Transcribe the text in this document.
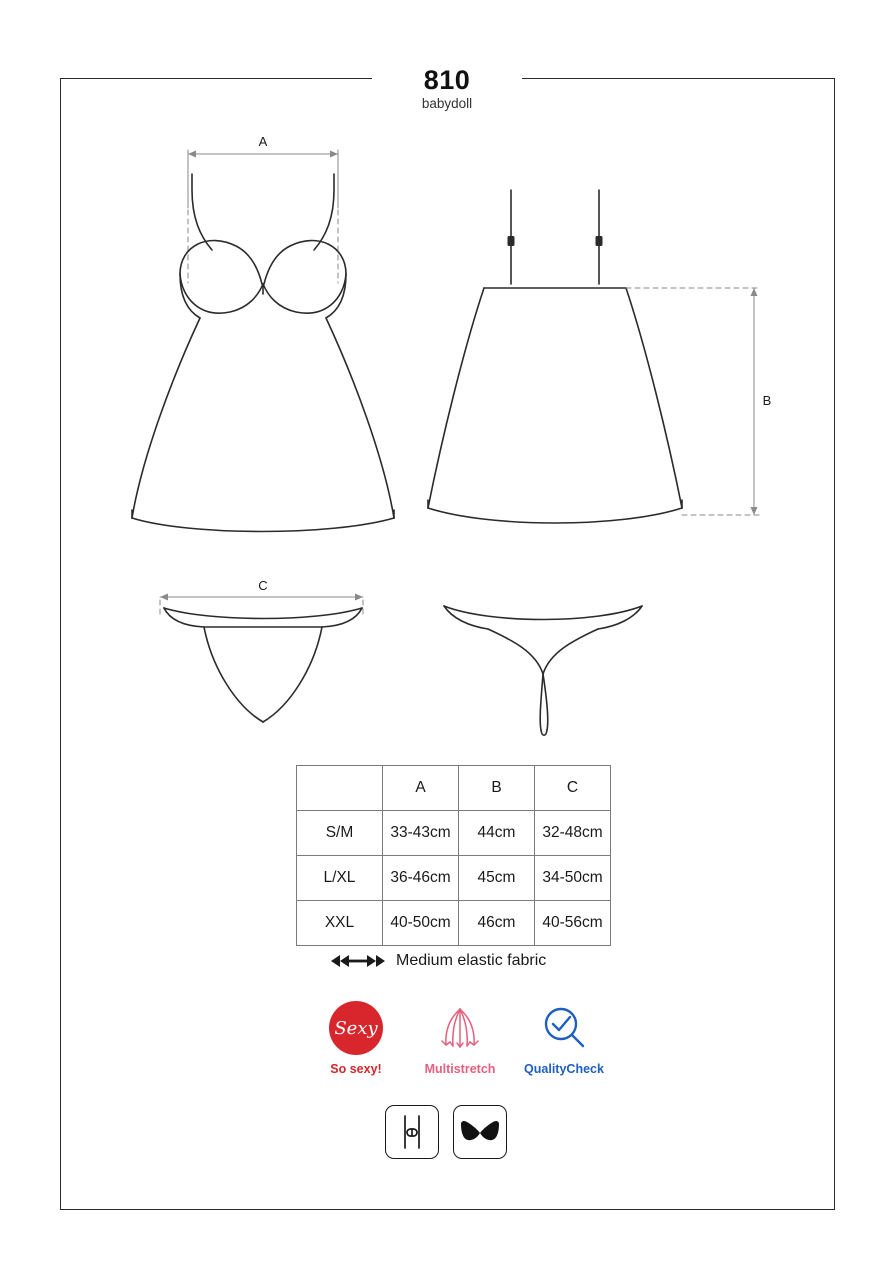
810
babydoll
A
B
C
	A	B	C
S/M	33-43cm	44cm	32-48cm
L/XL	36-46cm	45cm	34-50cm
XXL	40-50cm	46cm	40-56cm
Medium elastic fabric
Sexy
So sexy!	Multistretch	QualityCheck
